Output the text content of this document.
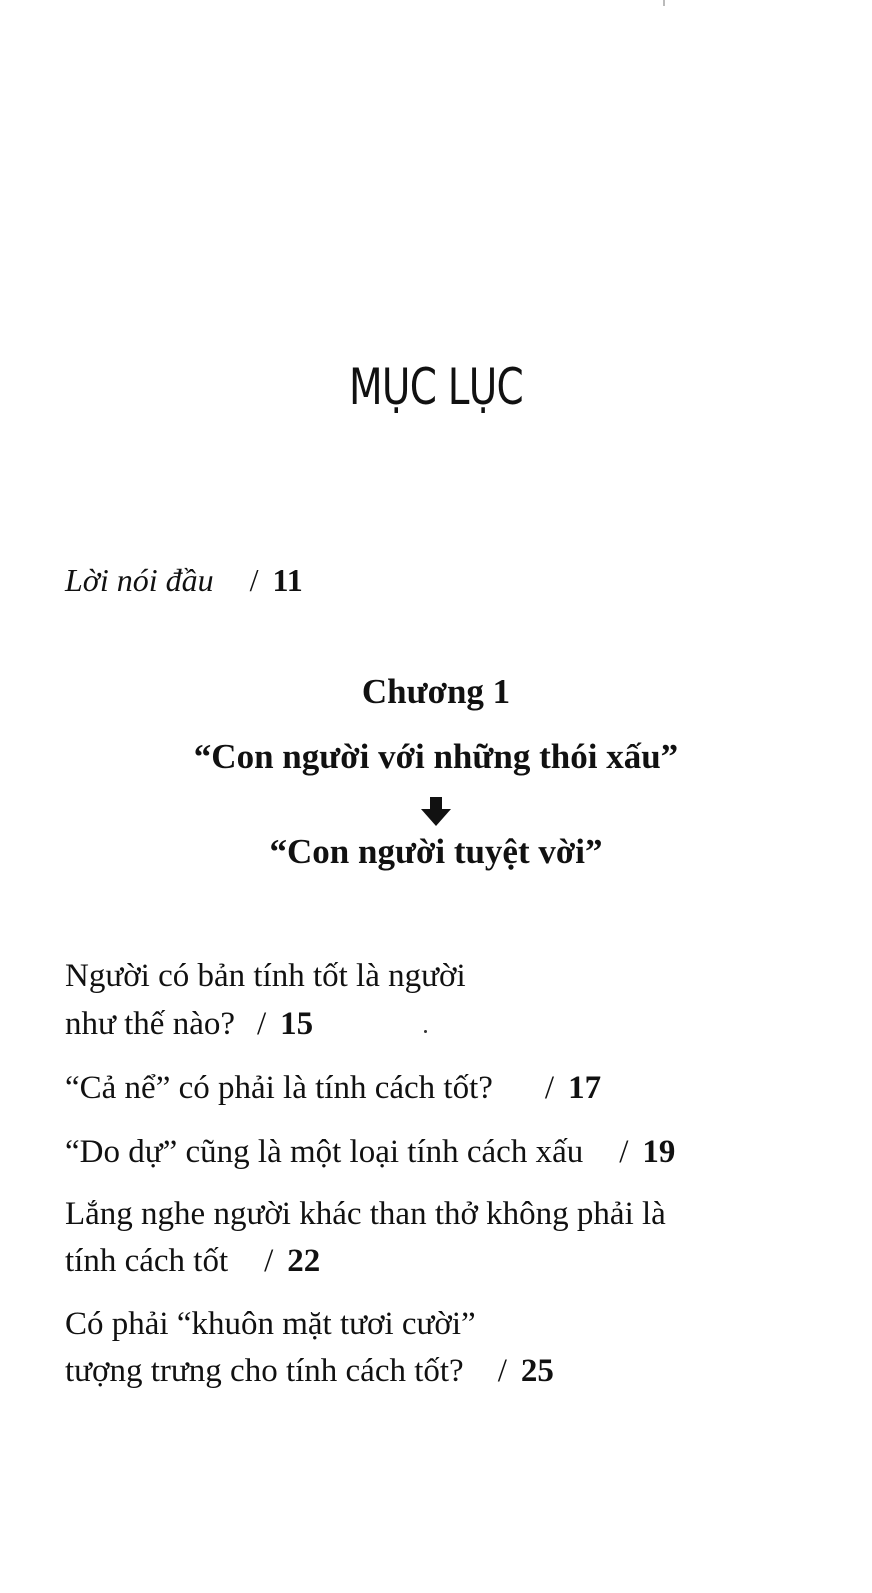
MỤC LỤC
Lời nói đầu / 11
Chương 1
“Con người với những thói xấu”
“Con người tuyệt vời”
Người có bản tính tốt là người
như thế nào? / 15
“Cả nể” có phải là tính cách tốt? / 17
“Do dự” cũng là một loại tính cách xấu / 19
Lắng nghe người khác than thở không phải là
tính cách tốt / 22
Có phải “khuôn mặt tươi cười”
tượng trưng cho tính cách tốt? / 25
